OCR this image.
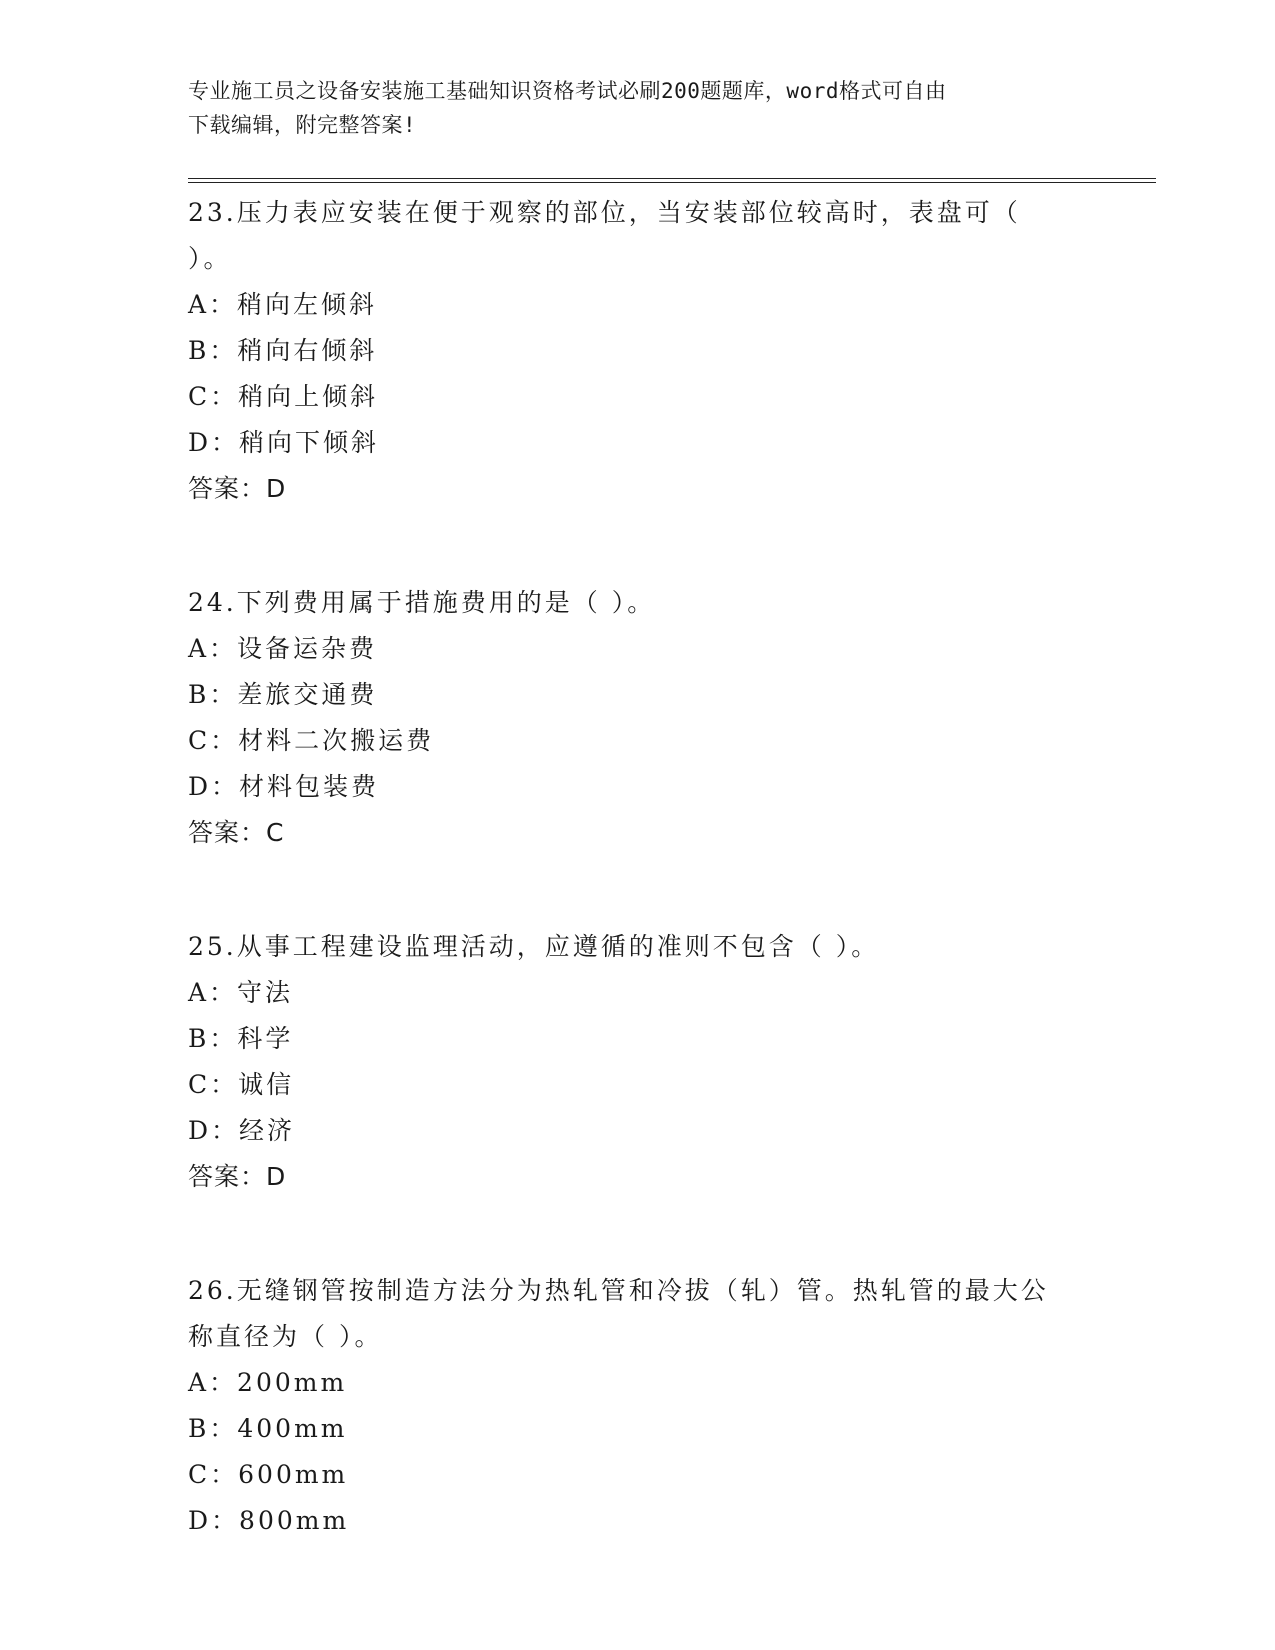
专业施工员之设备安装施工基础知识资格考试必刷200题题库，word格式可自由
下载编辑，附完整答案!
23.压力表应安装在便于观察的部位，当安装部位较高时，表盘可（
）。
A：稍向左倾斜
B：稍向右倾斜
C：稍向上倾斜
D：稍向下倾斜
答案：D
24.下列费用属于措施费用的是（ ）。
A：设备运杂费
B：差旅交通费
C：材料二次搬运费
D：材料包装费
答案：C
25.从事工程建设监理活动，应遵循的准则不包含（ ）。
A：守法
B：科学
C：诚信
D：经济
答案：D
26.无缝钢管按制造方法分为热轧管和冷拔（轧）管。热轧管的最大公
称直径为（ ）。
A：200mm
B：400mm
C：600mm
D：800mm
